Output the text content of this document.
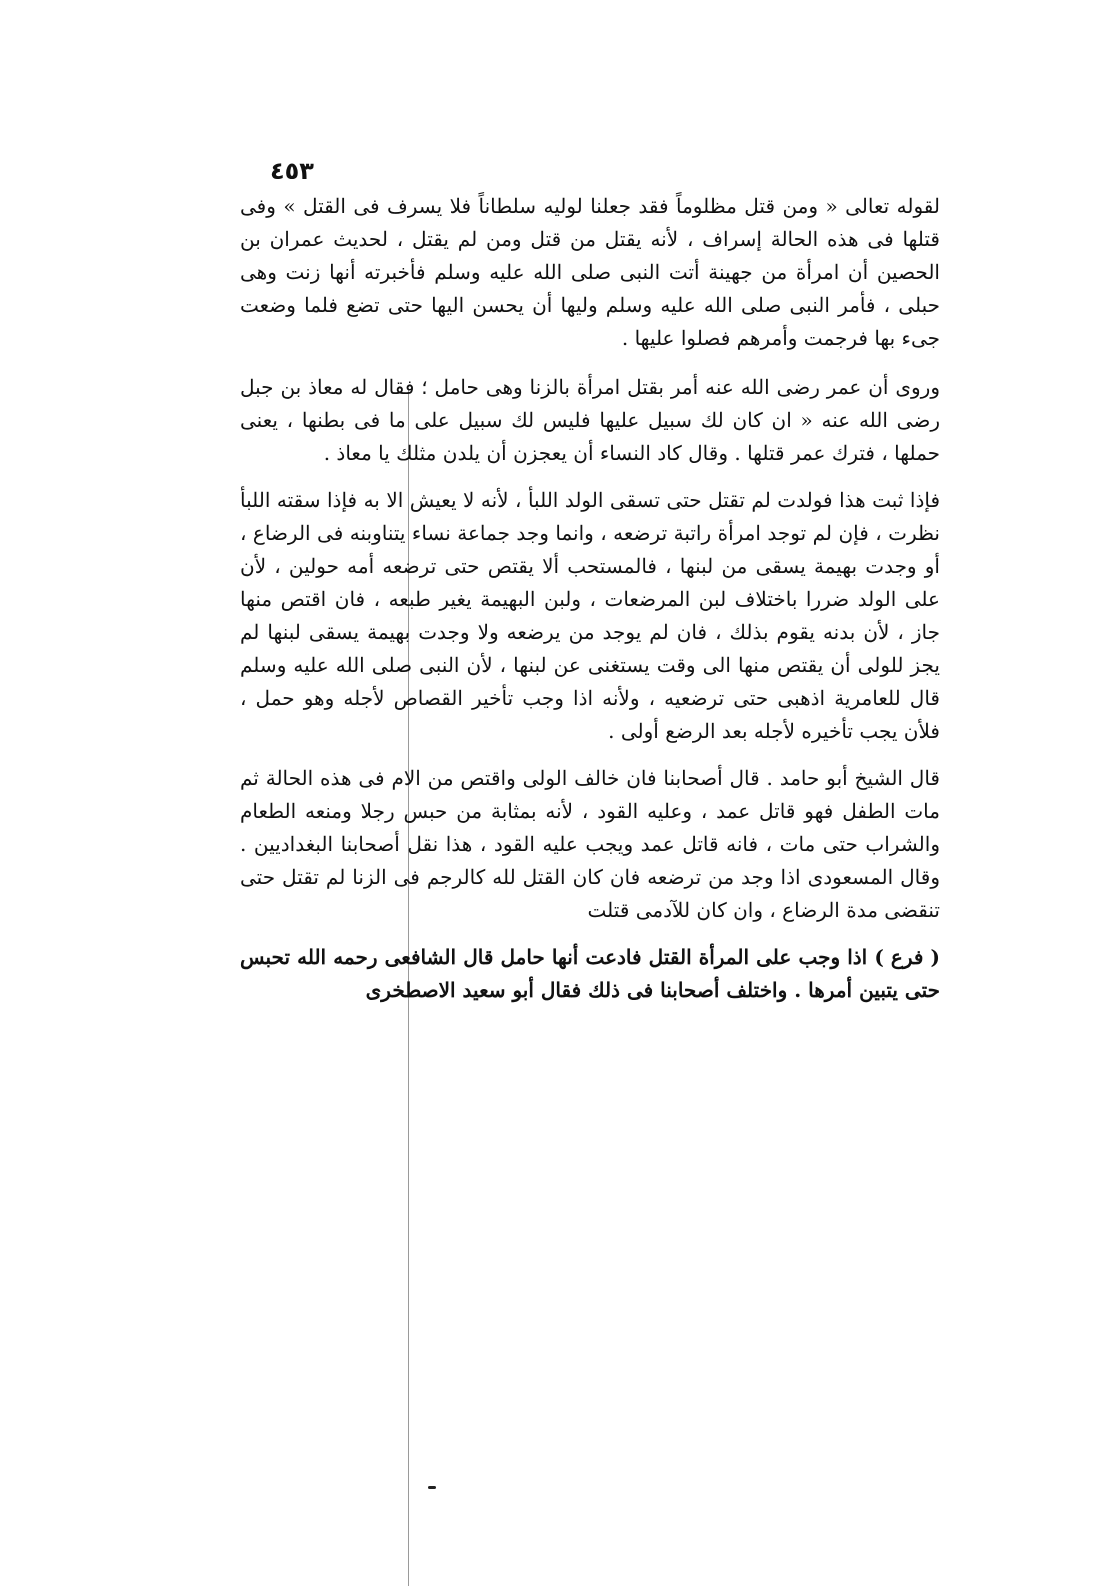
٤٥٣

لقوله تعالى « ومن قتل مظلوماً فقد جعلنا لوليه سلطاناً فلا يسرف فى القتل » وفى قتلها فى هذه الحالة إسراف ، لأنه يقتل من قتل ومن لم يقتل ، لحديث عمران بن الحصين أن امرأة من جهينة أتت النبى صلى الله عليه وسلم فأخبرته أنها زنت وهى حبلى ، فأمر النبى صلى الله عليه وسلم وليها أن يحسن اليها حتى تضع فلما وضعت جىء بها فرجمت وأمرهم فصلوا عليها .

وروى أن عمر رضى الله عنه أمر بقتل امرأة بالزنا وهى حامل ؛ فقال له معاذ بن جبل رضى الله عنه « ان كان لك سبيل عليها فليس لك سبيل على ما فى بطنها ، يعنى حملها ، فترك عمر قتلها . وقال كاد النساء أن يعجزن أن يلدن مثلك يا معاذ .

فإذا ثبت هذا فولدت لم تقتل حتى تسقى الولد اللبأ ، لأنه لا يعيش الا به فإذا سقته اللبأ نظرت ، فإن لم توجد امرأة راتبة ترضعه ، وانما وجد جماعة نساء يتناوبنه فى الرضاع ، أو وجدت بهيمة يسقى من لبنها ، فالمستحب ألا يقتص حتى ترضعه أمه حولين ، لأن على الولد ضررا باختلاف لبن المرضعات ، ولبن البهيمة يغير طبعه ، فان اقتص منها جاز ، لأن بدنه يقوم بذلك ، فان لم يوجد من يرضعه ولا وجدت بهيمة يسقى لبنها لم يجز للولى أن يقتص منها الى وقت يستغنى عن لبنها ، لأن النبى صلى الله عليه وسلم قال للعامرية اذهبى حتى ترضعيه ، ولأنه اذا وجب تأخير القصاص لأجله وهو حمل ، فلأن يجب تأخيره لأجله بعد الرضع أولى .

قال الشيخ أبو حامد . قال أصحابنا فان خالف الولى واقتص من الام فى هذه الحالة ثم مات الطفل فهو قاتل عمد ، وعليه القود ، لأنه بمثابة من حبس رجلا ومنعه الطعام والشراب حتى مات ، فانه قاتل عمد ويجب عليه القود ، هذا نقل أصحابنا البغداديين . وقال المسعودى اذا وجد من ترضعه فان كان القتل لله كالرجم فى الزنا لم تقتل حتى تنقضى مدة الرضاع ، وان كان للآدمى قتلت

( فرع ) اذا وجب على المرأة القتل فادعت أنها حامل قال الشافعى رحمه الله تحبس حتى يتبين أمرها . واختلف أصحابنا فى ذلك فقال أبو سعيد الاصطخرى
